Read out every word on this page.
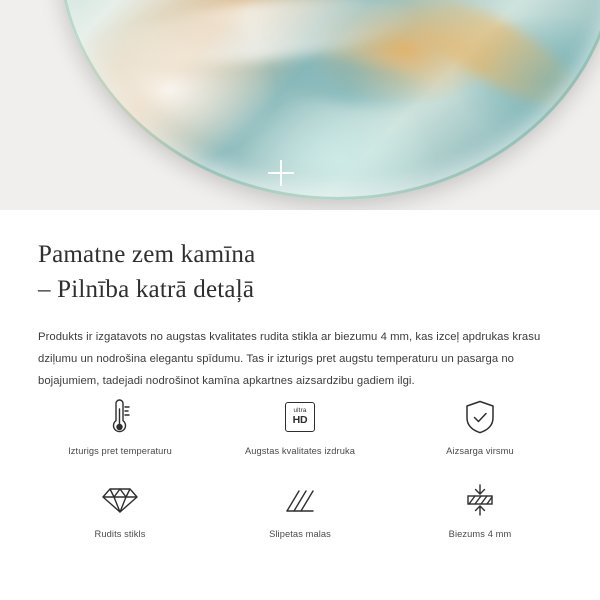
Pamatne zem kamīna
– Pilnība katrā detaļā

Produkts ir izgatavots no augstas kvalitates rudita stikla ar biezumu 4 mm, kas izceļ apdrukas krasu dziļumu un nodrošina elegantu spīdumu. Tas ir izturigs pret augstu temperaturu un pasarga no bojajumiem, tadejadi nodrošinot kamīna apkartnes aizsardzibu gadiem ilgi.

Izturigs pret temperaturu
ultra
HD
Augstas kvalitates izdruka	Aizsarga virsmu
Rudits stikls	Slipetas malas	Biezums 4 mm
